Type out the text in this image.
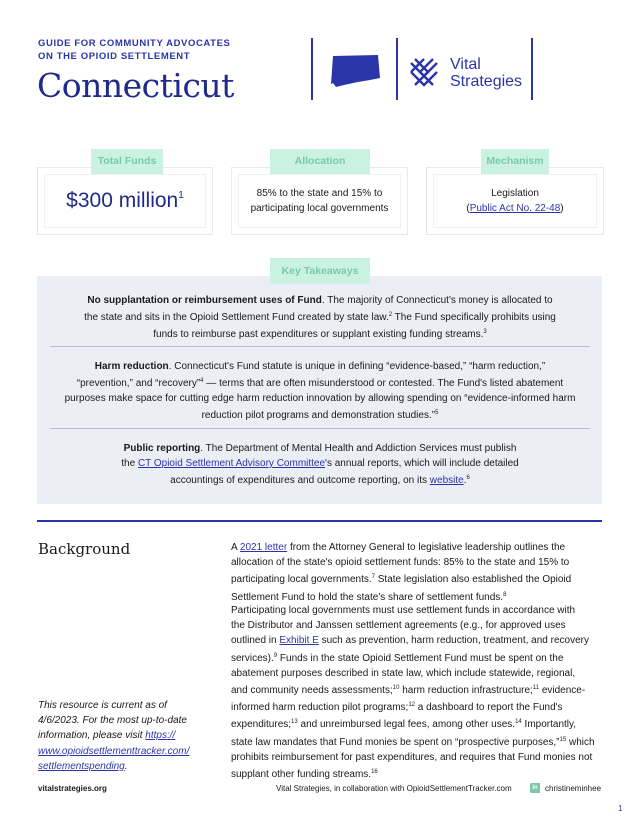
GUIDE FOR COMMUNITY ADVOCATES
ON THE OPIOID SETTLEMENT
Connecticut
Vital
Strategies
$300 million$^1$
Total Funds
85% to the state and 15% to
participating local governments
Allocation
Legislation
(Public Act No. 22-48)
Mechanism
Key Takeaways
No supplantation or reimbursement uses of Fund. The majority of Connecticut's money is allocated to
the state and sits in the Opioid Settlement Fund created by state law.$^2$ The Fund specifically prohibits using
funds to reimburse past expenditures or supplant existing funding streams.$^3$
Harm reduction. Connecticut's Fund statute is unique in defining “evidence-based,” “harm reduction,”
“prevention,” and “recovery”$^4$ — terms that are often misunderstood or contested. The Fund's listed abatement
purposes make space for cutting edge harm reduction innovation by allowing spending on “evidence-informed harm
reduction pilot programs and demonstration studies.”$^5$
Public reporting. The Department of Mental Health and Addiction Services must publish
the CT Opioid Settlement Advisory Committee's annual reports, which will include detailed
accountings of expenditures and outcome reporting, on its website.$^6$
Background	A 2021 letter from the Attorney General to legislative leadership outlines the
allocation of the state's opioid settlement funds: 85% to the state and 15% to
participating local governments.$^7$ State legislation also established the Opioid
Settlement Fund to hold the state's share of settlement funds.$^8$
Participating local governments must use settlement funds in accordance with
the Distributor and Janssen settlement agreements (e.g., for approved uses
outlined in Exhibit E such as prevention, harm reduction, treatment, and recovery
services).$^9$ Funds in the state Opioid Settlement Fund must be spent on the
abatement purposes described in state law, which include statewide, regional,
and community needs assessments;$^{10}$ harm reduction infrastructure;$^{11}$ evidence-
informed harm reduction pilot programs;$^{12}$ a dashboard to report the Fund's
expenditures;$^{13}$ and unreimbursed legal fees, among other uses.$^{14}$ Importantly,
state law mandates that Fund monies be spent on “prospective purposes,”$^{15}$ which
prohibits reimbursement for past expenditures, and requires that Fund monies not
supplant other funding streams.$^{16}$
This resource is current as of
4/6/2023. For the most up-to-date
information, please visit https://
www.opioidsettlementtracker.com/
settlementspending.
vitalstrategies.org	Vital Strategies, in collaboration with OpioidSettlementTracker.com	in christineminhee
1
